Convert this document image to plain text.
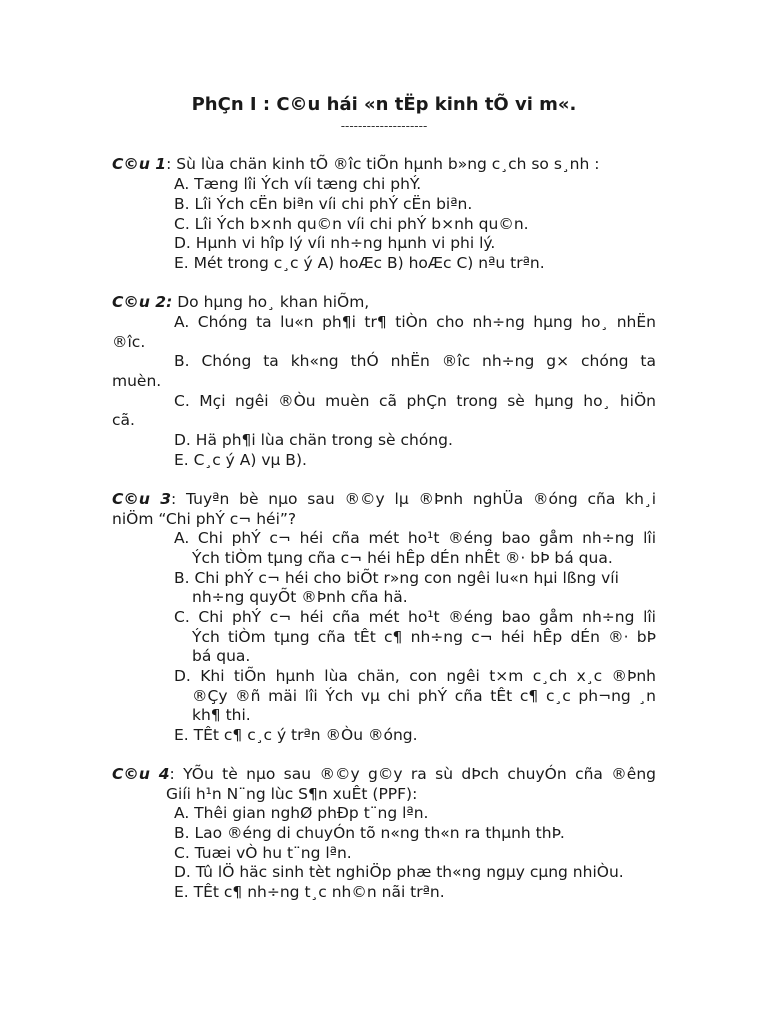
PhÇn I : C©u hái «n tËp kinh tÕ vi m«.
--------------------
C©u 1: Sù lùa chän kinh tÕ ®îc tiÕn hµnh b»ng c¸ch so s¸nh :
A. Tæng lîi Ých víi tæng chi phÝ.
B. Lîi Ých cËn biªn víi chi phÝ cËn biªn.
C. Lîi Ých b×nh qu©n víi chi phÝ b×nh qu©n.
D. Hµnh vi hîp lý víi nh÷ng hµnh vi phi lý.
E. Mét trong c¸c ý A) hoÆc B) hoÆc C) nªu trªn.
C©u 2: Do hµng ho¸ khan hiÕm,
A. Chóng ta lu«n ph¶i tr¶ tiÒn cho nh÷ng hµng ho¸ nhËn
®îc.
B. Chóng ta kh«ng thÓ nhËn ®îc nh÷ng g× chóng ta
muèn.
C. Mçi ngêi ®Òu muèn cã phÇn trong sè hµng ho¸ hiÖn
cã.
D. Hä ph¶i lùa chän trong sè chóng.
E. C¸c ý A) vµ B).
C©u 3: Tuyªn bè nµo sau ®©y lµ ®Þnh nghÜa ®óng cña kh¸i
niÖm “Chi phÝ c¬ héi”?
A. Chi phÝ c¬ héi cña mét ho¹t ®éng bao gåm nh÷ng lîi
Ých tiÒm tµng cña c¬ héi hÊp dÉn nhÊt ®· bÞ bá qua.
B. Chi phÝ c¬ héi cho biÕt r»ng con ngêi lu«n hµi lßng víi
nh÷ng quyÕt ®Þnh cña hä.
C. Chi phÝ c¬ héi cña mét ho¹t ®éng bao gåm nh÷ng lîi
Ých tiÒm tµng cña tÊt c¶ nh÷ng c¬ héi hÊp dÉn ®· bÞ
bá qua.
D. Khi tiÕn hµnh lùa chän, con ngêi t×m c¸ch x¸c ®Þnh
®Çy ®ñ mäi lîi Ých vµ chi phÝ cña tÊt c¶ c¸c ph¬ng ¸n
kh¶ thi.
E. TÊt c¶ c¸c ý trªn ®Òu ®óng.
C©u 4: YÕu tè nµo sau ®©y g©y ra sù dÞch chuyÓn cña ®êng
Giíi h¹n N¨ng lùc S¶n xuÊt (PPF):
A. Thêi gian nghØ phÐp t¨ng lªn.
B. Lao ®éng di chuyÓn tõ n«ng th«n ra thµnh thÞ.
C. Tuæi vÒ hu t¨ng lªn.
D. Tû lÖ häc sinh tèt nghiÖp phæ th«ng ngµy cµng nhiÒu.
E. TÊt c¶ nh÷ng t¸c nh©n nãi trªn.
